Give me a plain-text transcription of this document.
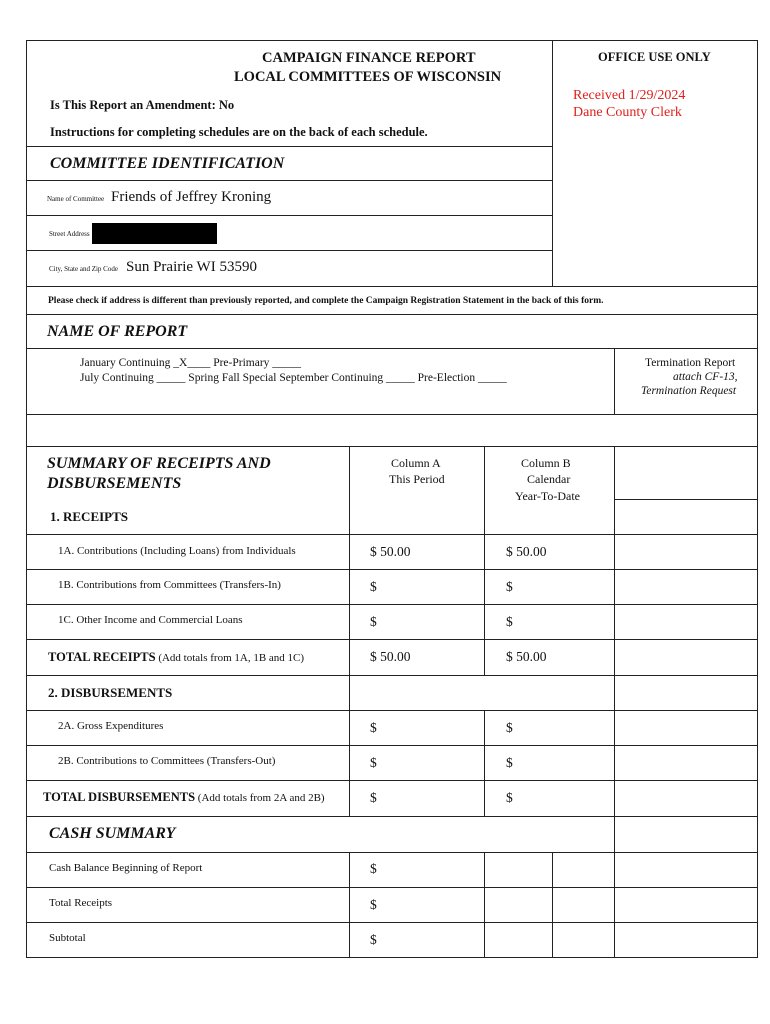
CAMPAIGN FINANCE REPORT
LOCAL COMMITTEES OF WISCONSIN
Is This Report an Amendment: No
Instructions for completing schedules are on the back of each schedule.
OFFICE USE ONLY
Received 1/29/2024
Dane County Clerk
COMMITTEE IDENTIFICATION
Name of Committee Friends of Jeffrey Kroning
Street Address
City, State and Zip Code Sun Prairie WI 53590
Please check if address is different than previously reported, and complete the Campaign Registration Statement in the back of this form.
NAME OF REPORT
January Continuing _X____ Pre-Primary _____
July Continuing _____ Spring Fall Special September Continuing _____ Pre-Election _____
Termination Report
attach CF-13,
Termination Request
SUMMARY OF RECEIPTS AND
DISBURSEMENTS
Column A
This Period
Column B
Calendar
Year-To-Date
1. RECEIPTS
1A. Contributions (Including Loans) from Individuals	$ 50.00	$ 50.00
1B. Contributions from Committees (Transfers-In)	$	$
1C. Other Income and Commercial Loans	$	$
TOTAL RECEIPTS (Add totals from 1A, 1B and 1C)	$ 50.00	$ 50.00
2. DISBURSEMENTS
2A. Gross Expenditures	$	$
2B. Contributions to Committees (Transfers-Out)	$	$
TOTAL DISBURSEMENTS (Add totals from 2A and 2B)	$	$
CASH SUMMARY
Cash Balance Beginning of Report	$
Total Receipts	$
Subtotal	$
